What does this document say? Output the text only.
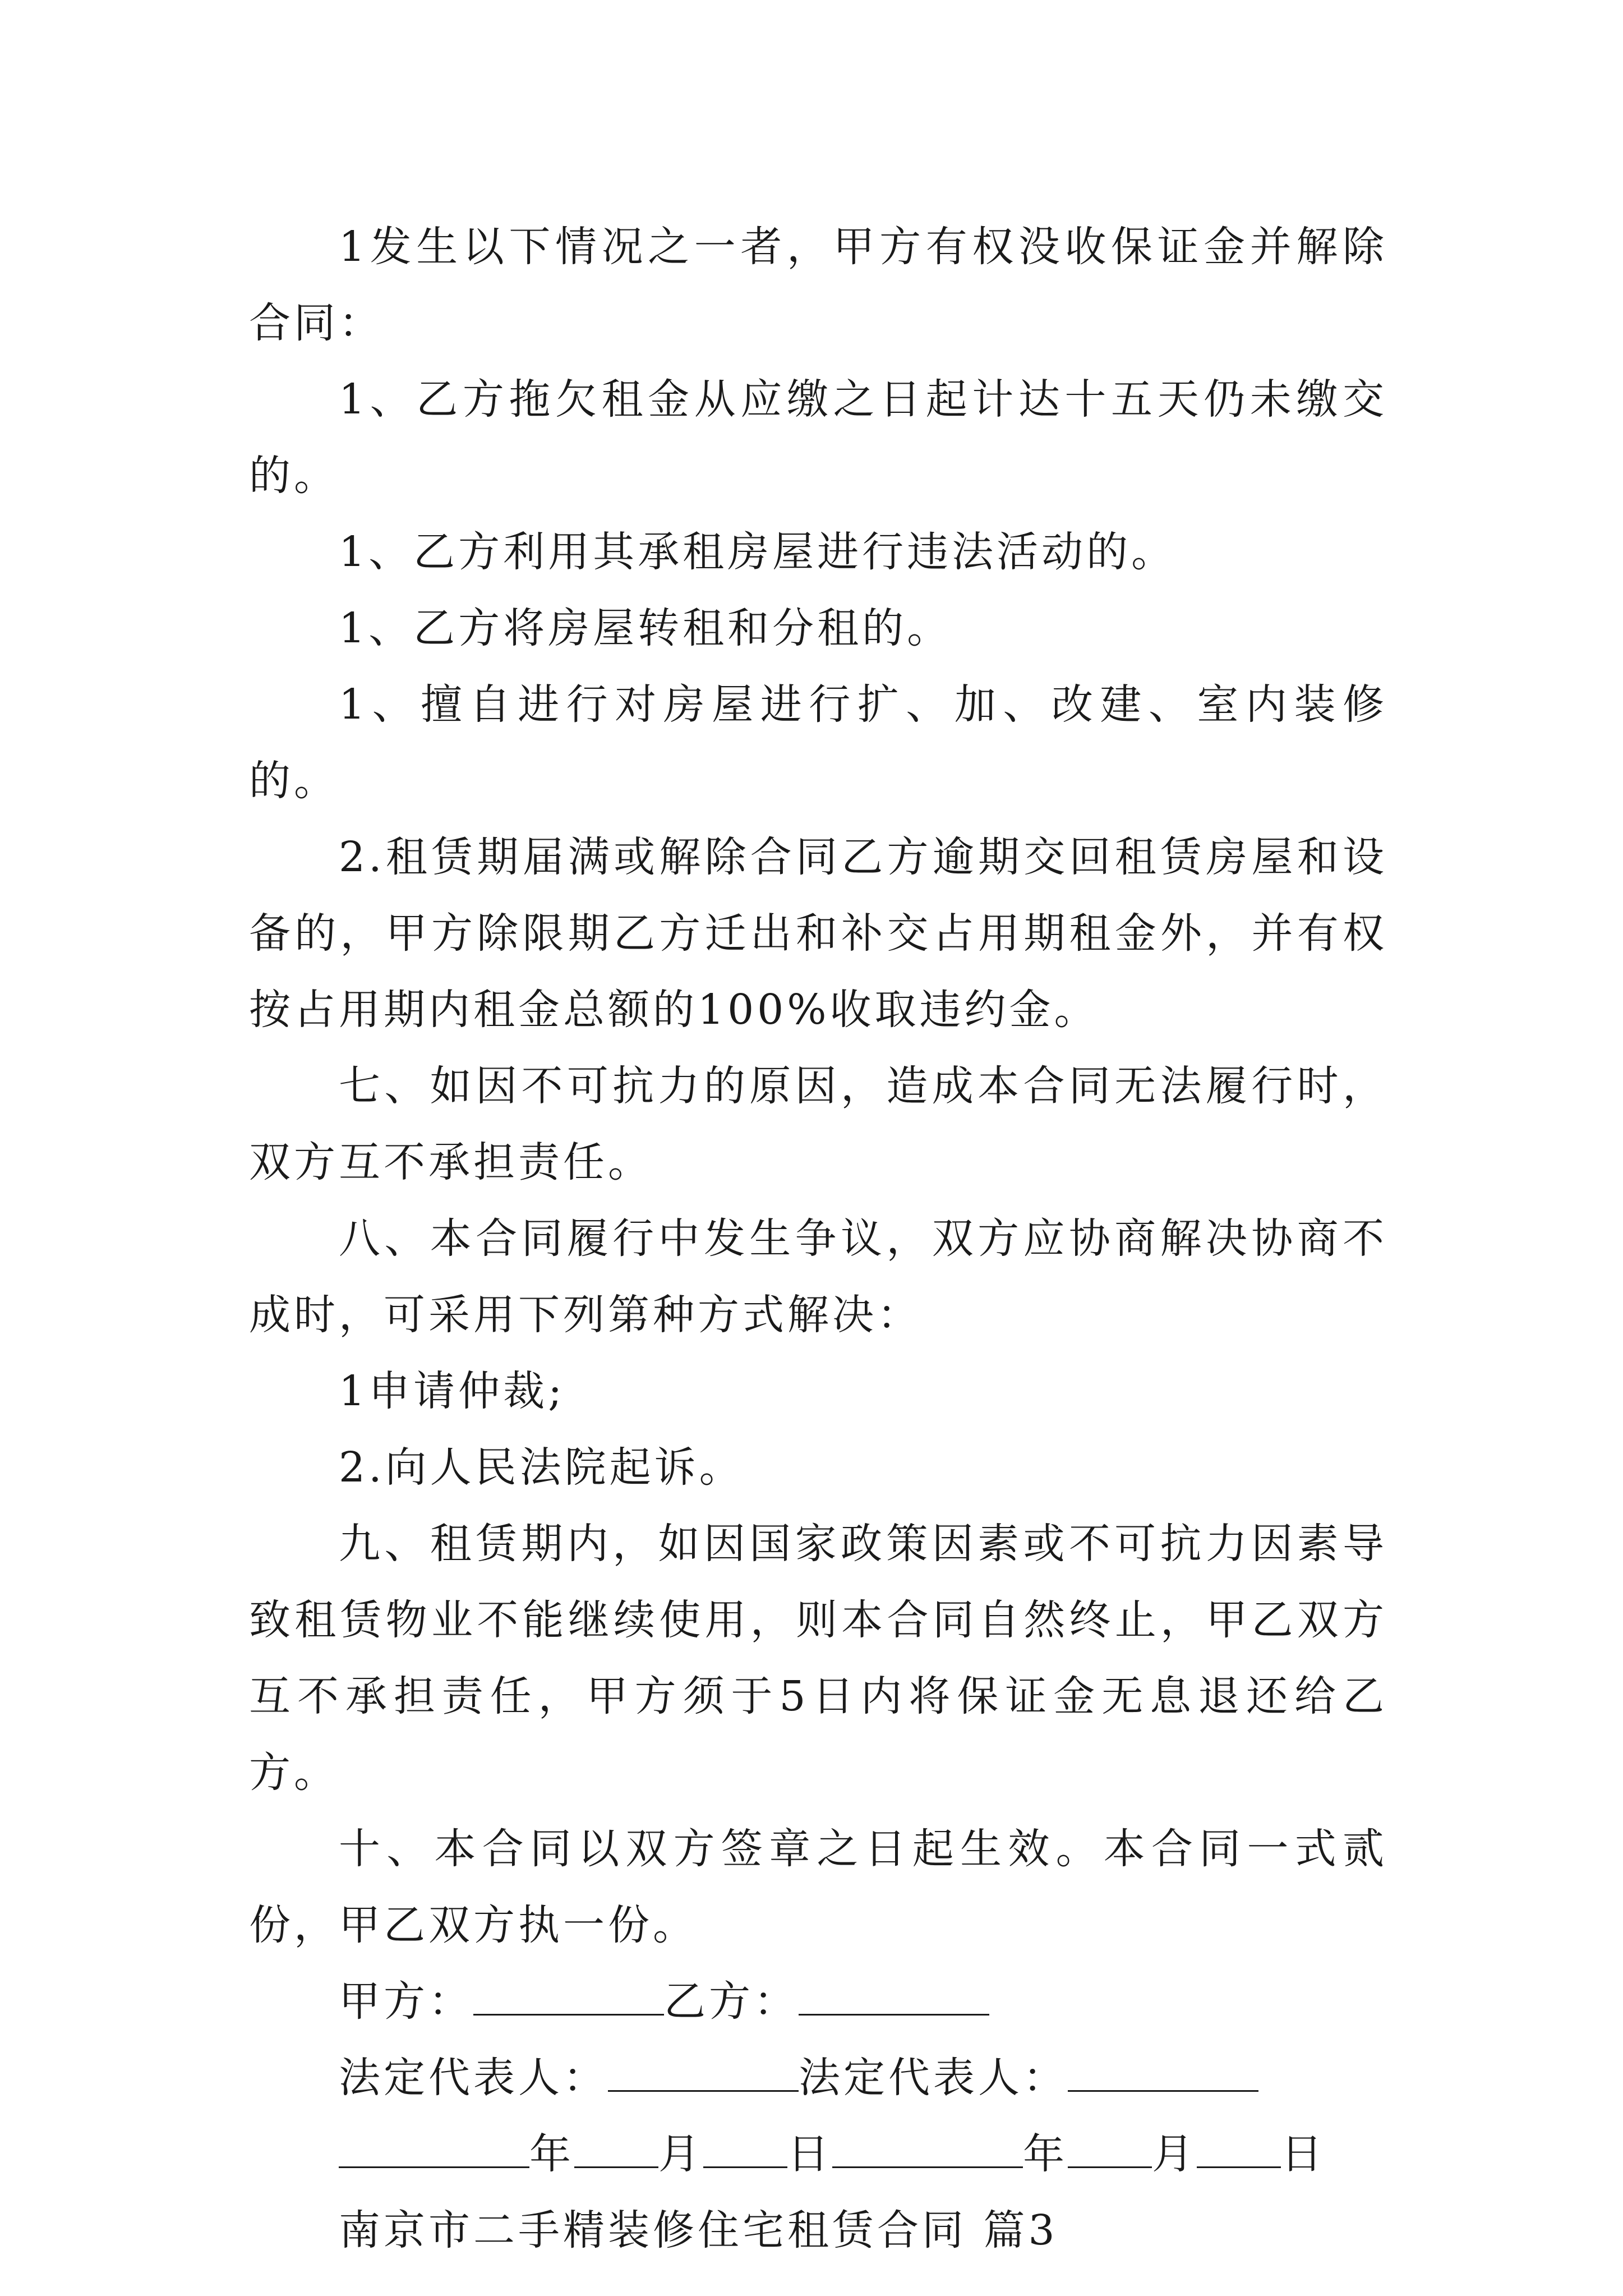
1发生以下情况之一者，甲方有权没收保证金并解除合同：

1、乙方拖欠租金从应缴之日起计达十五天仍未缴交的。

1、乙方利用其承租房屋进行违法活动的。

1、乙方将房屋转租和分租的。

1、擅自进行对房屋进行扩、加、改建、室内装修的。

2.租赁期届满或解除合同乙方逾期交回租赁房屋和设备的，甲方除限期乙方迁出和补交占用期租金外，并有权按占用期内租金总额的100%收取违约金。

七、如因不可抗力的原因，造成本合同无法履行时，双方互不承担责任。

八、本合同履行中发生争议，双方应协商解决协商不成时，可采用下列第种方式解决：

1申请仲裁;

2.向人民法院起诉。

九、租赁期内，如因国家政策因素或不可抗力因素导致租赁物业不能继续使用，则本合同自然终止，甲乙双方互不承担责任，甲方须于5日内将保证金无息退还给乙方。

十、本合同以双方签章之日起生效。本合同一式贰份，甲乙双方执一份。

甲方：	乙方：
法定代表人：	法定代表人：
年 月 日	年 月 日
南京市二手精装修住宅租赁合同 篇3
